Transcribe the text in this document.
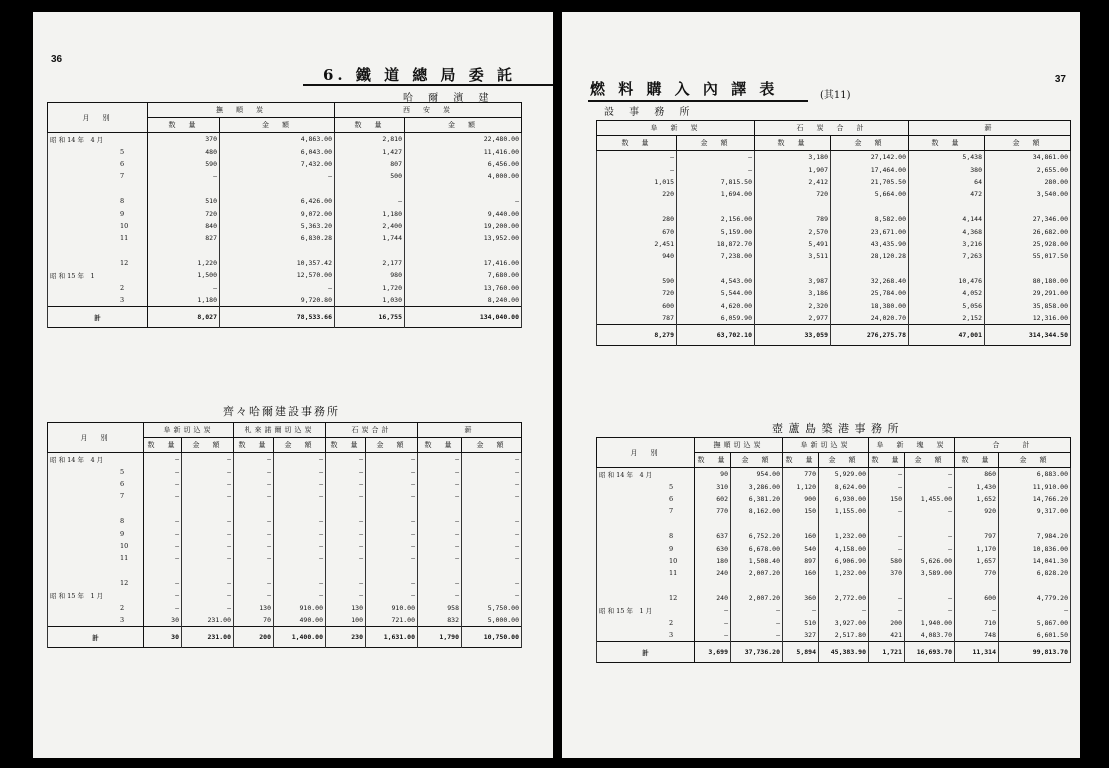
36
6. 鐵 道 總 局 委 託
哈 爾 濱 建
月　別	撫　順　炭		西　安　炭	
	数　量	金　額	数　量	金　額
昭 和 14 年　4 月	370	4,863.00	2,810	22,480.00
5	480	6,043.00	1,427	11,416.00
6	590	7,432.00	807	6,456.00
7	—	—	500	4,000.00

8	510	6,426.00	—	—
9	720	9,072.00	1,180	9,440.00
10	840	5,363.20	2,400	19,200.00
11	827	6,830.28	1,744	13,952.00

12	1,220	10,357.42	2,177	17,416.00
昭 和 15 年　1	1,500	12,570.00	980	7,680.00
2	—	—	1,720	13,760.00
3	1,180	9,720.80	1,030	8,240.00
計	8,027	78,533.66	16,755	134,040.00
齊々哈爾建設事務所
月　別	阜新切込炭		札來諾爾切込炭		石炭合計		薪	
	数　量	金　額	数　量	金　額	数　量	金　額	数　量	金　額
昭 和 14 年　4 月	—	—	—	—	—	—	—	—
5	—	—	—	—	—	—	—	—
6	—	—	—	—	—	—	—	—
7	—	—	—	—	—	—	—	—

8	—	—	—	—	—	—	—	—
9	—	—	—	—	—	—	—	—
10	—	—	—	—	—	—	—	—
11	—	—	—	—	—	—	—	—

12	—	—	—	—	—	—	—	—
昭 和 15 年　1 月	—	—	—	—	—	—	—	—
2	—	—	130	910.00	130	910.00	958	5,750.00
3	30	231.00	70	490.00	100	721.00	832	5,000.00
計	30	231.00	200	1,400.00	230	1,631.00	1,790	10,750.00
37
燃 料 購 入 內 譯 表	(其11)
設 事 務 所
阜　新　炭		石　炭　合　計		薪	
数　量	金　額	数　量	金　額	数　量	金　額
—	—	3,180	27,142.00	5,438	34,861.00
—	—	1,907	17,464.00	380	2,655.00
1,015	7,815.50	2,412	21,705.50	64	280.00
220	1,694.00	720	5,664.00	472	3,540.00

280	2,156.00	789	8,582.00	4,144	27,346.00
670	5,159.00	2,570	23,671.00	4,368	26,682.00
2,451	18,872.70	5,491	43,435.90	3,216	25,928.00
940	7,238.00	3,511	28,120.28	7,263	55,017.50

590	4,543.00	3,987	32,268.40	10,476	80,180.00
720	5,544.00	3,186	25,784.00	4,052	29,291.00
600	4,620.00	2,320	18,380.00	5,056	35,858.00
787	6,059.90	2,977	24,020.70	2,152	12,316.00
8,279	63,702.10	33,059	276,275.78	47,001	314,344.50
壺 蘆 島 築 港 事 務 所
月　別	撫順切込炭		阜新切込炭		阜　新　塊　炭		合　　計	
	数　量	金　額	数　量	金　額	数　量	金　額	数　量	金　額
昭 和 14 年　4 月	90	954.00	770	5,929.00	—	—	860	6,883.00
5	310	3,286.00	1,120	8,624.00	—	—	1,430	11,910.00
6	602	6,381.20	900	6,930.00	150	1,455.00	1,652	14,766.20
7	770	8,162.00	150	1,155.00	—	—	920	9,317.00

8	637	6,752.20	160	1,232.00	—	—	797	7,984.20
9	630	6,678.00	540	4,158.00	—	—	1,170	10,836.00
10	180	1,508.40	897	6,906.90	580	5,626.00	1,657	14,041.30
11	240	2,007.20	160	1,232.00	370	3,589.00	770	6,828.20

12	240	2,007.20	360	2,772.00	—	—	600	4,779.20
昭 和 15 年　1 月	—	—	—	—	—	—	—	—
2	—	—	510	3,927.00	200	1,940.00	710	5,867.00
3	—	—	327	2,517.80	421	4,083.70	748	6,601.50
計	3,699	37,736.20	5,894	45,383.90	1,721	16,693.70	11,314	99,813.70
